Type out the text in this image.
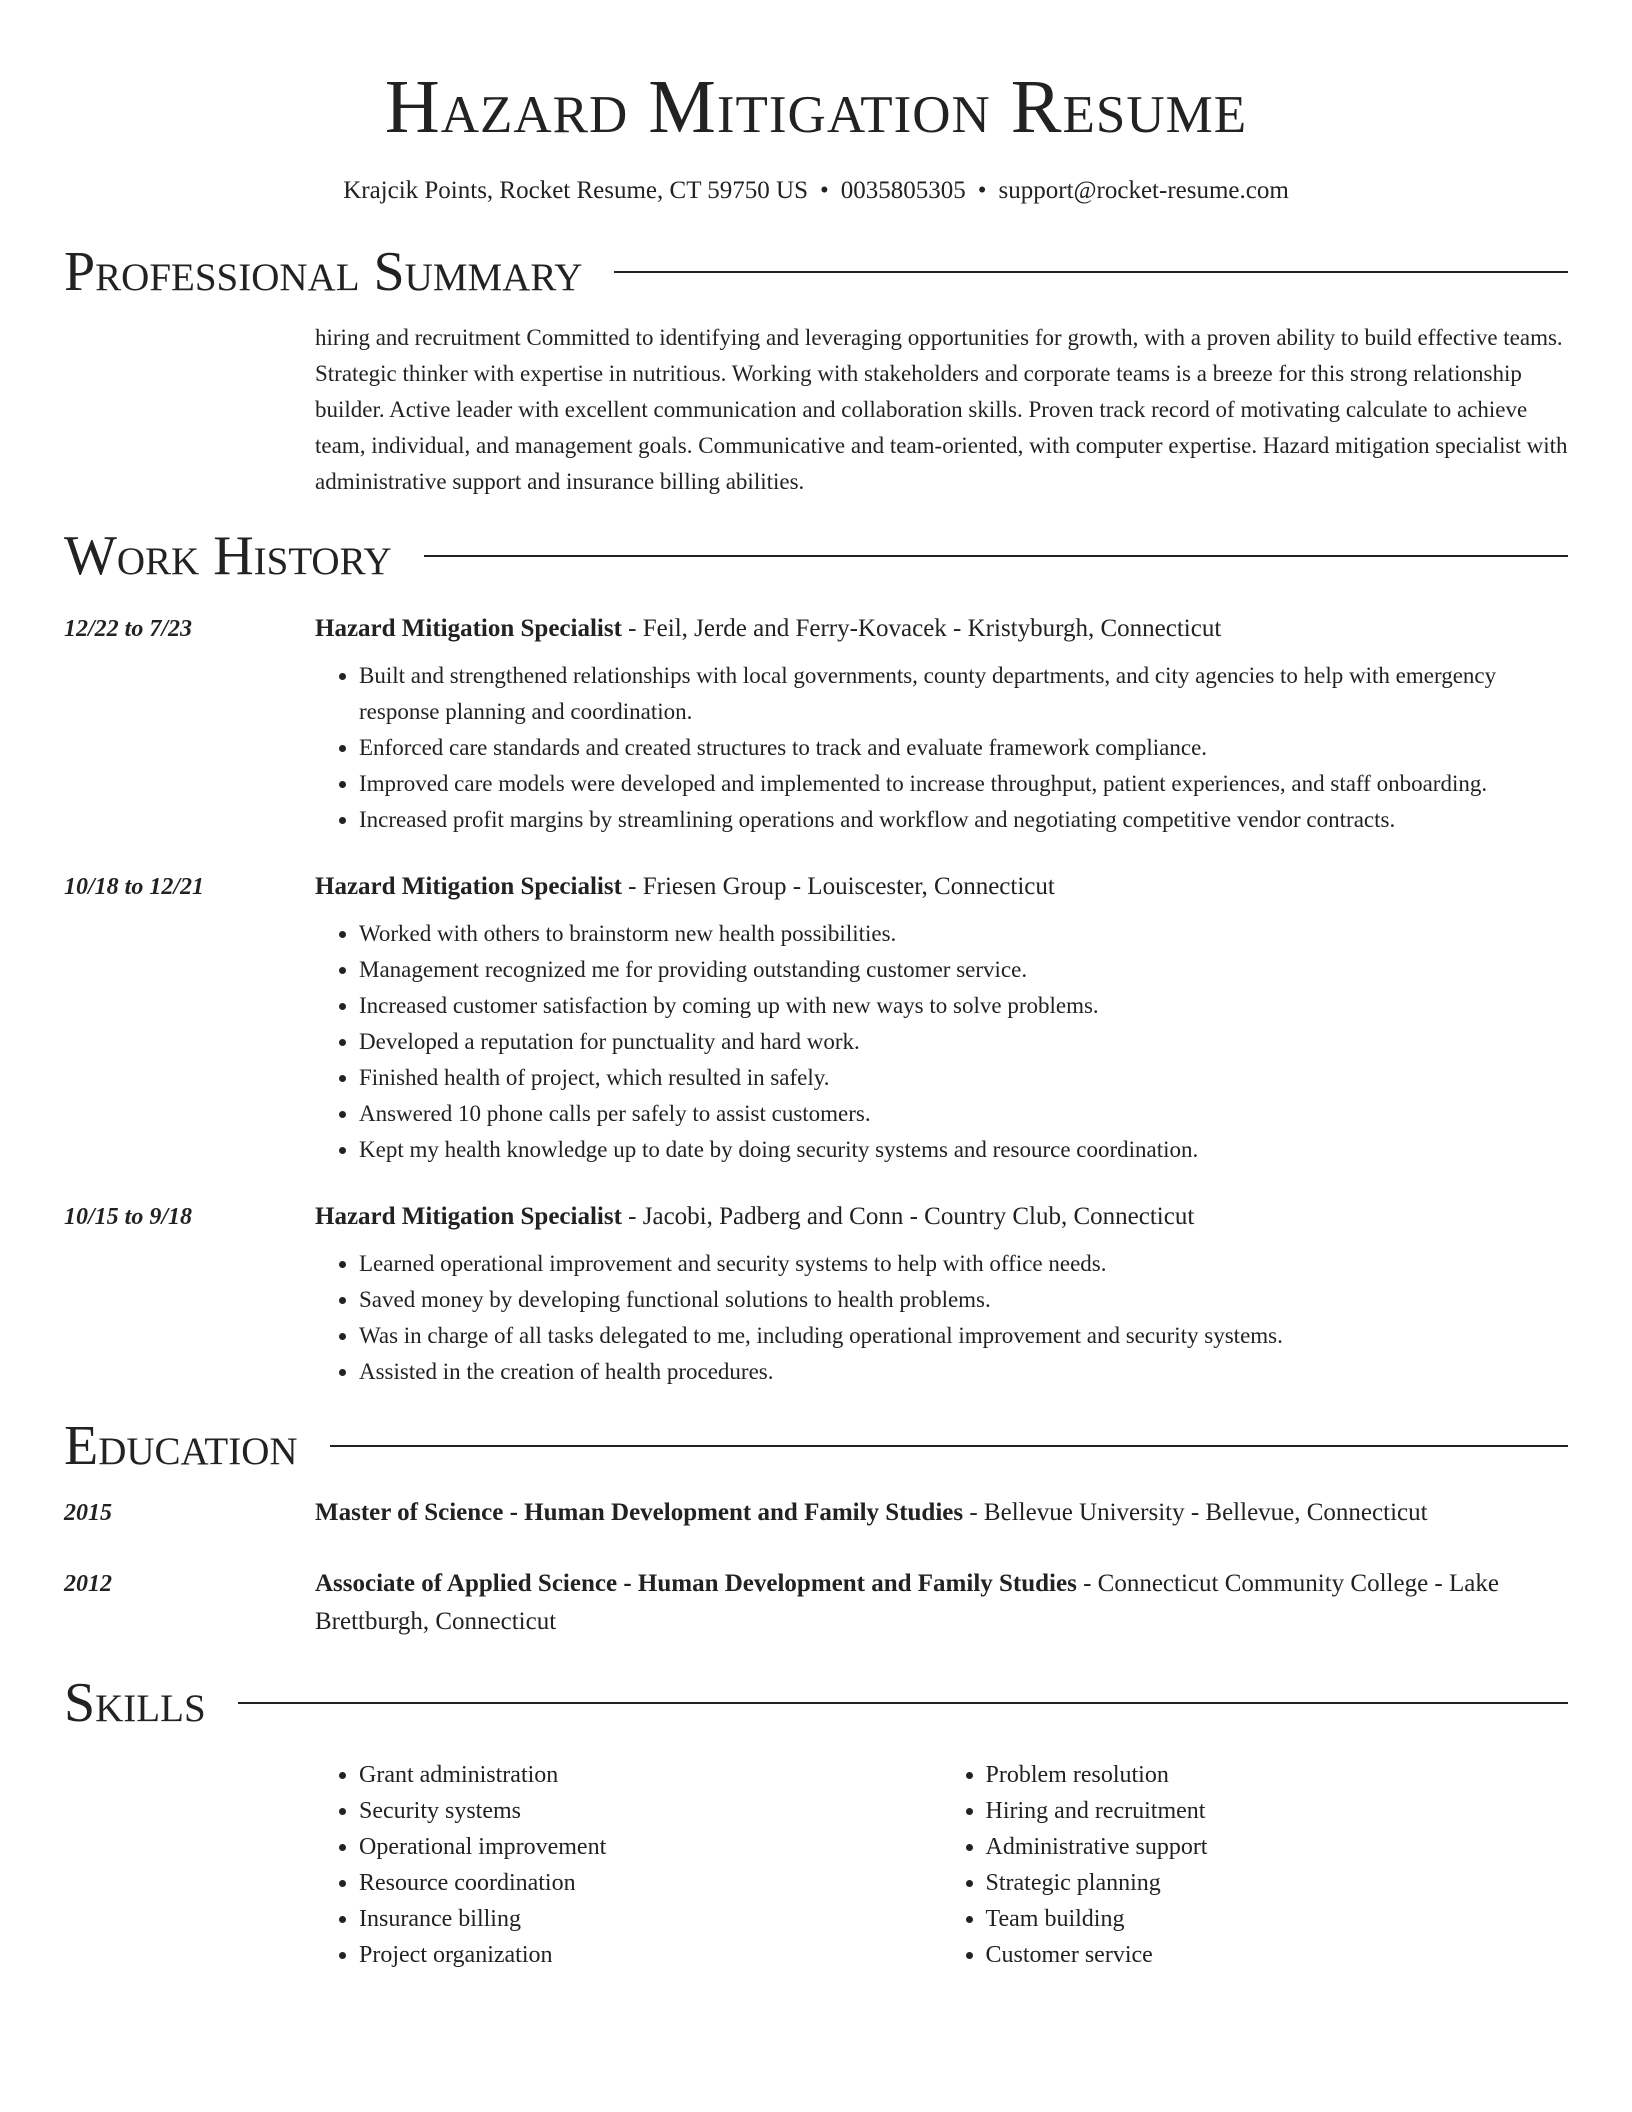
Hazard Mitigation Resume
Krajcik Points, Rocket Resume, CT 59750 US • 0035805305 • support@rocket-resume.com
Professional Summary
hiring and recruitment Committed to identifying and leveraging opportunities for growth, with a proven ability to build effective teams. Strategic thinker with expertise in nutritious. Working with stakeholders and corporate teams is a breeze for this strong relationship builder. Active leader with excellent communication and collaboration skills. Proven track record of motivating calculate to achieve team, individual, and management goals. Communicative and team-oriented, with computer expertise. Hazard mitigation specialist with administrative support and insurance billing abilities.
Work History
12/22 to 7/23	Hazard Mitigation Specialist - Feil, Jerde and Ferry-Kovacek - Kristyburgh, Connecticut
• Built and strengthened relationships with local governments, county departments, and city agencies to help with emergency response planning and coordination.
• Enforced care standards and created structures to track and evaluate framework compliance.
• Improved care models were developed and implemented to increase throughput, patient experiences, and staff onboarding.
• Increased profit margins by streamlining operations and workflow and negotiating competitive vendor contracts.
10/18 to 12/21	Hazard Mitigation Specialist - Friesen Group - Louiscester, Connecticut
• Worked with others to brainstorm new health possibilities.
• Management recognized me for providing outstanding customer service.
• Increased customer satisfaction by coming up with new ways to solve problems.
• Developed a reputation for punctuality and hard work.
• Finished health of project, which resulted in safely.
• Answered 10 phone calls per safely to assist customers.
• Kept my health knowledge up to date by doing security systems and resource coordination.
10/15 to 9/18	Hazard Mitigation Specialist - Jacobi, Padberg and Conn - Country Club, Connecticut
• Learned operational improvement and security systems to help with office needs.
• Saved money by developing functional solutions to health problems.
• Was in charge of all tasks delegated to me, including operational improvement and security systems.
• Assisted in the creation of health procedures.
Education
2015	Master of Science - Human Development and Family Studies - Bellevue University - Bellevue, Connecticut
2012	Associate of Applied Science - Human Development and Family Studies - Connecticut Community College - Lake Brettburgh, Connecticut
Skills
• Grant administration
• Security systems
• Operational improvement
• Resource coordination
• Insurance billing
• Project organization
• Problem resolution
• Hiring and recruitment
• Administrative support
• Strategic planning
• Team building
• Customer service
